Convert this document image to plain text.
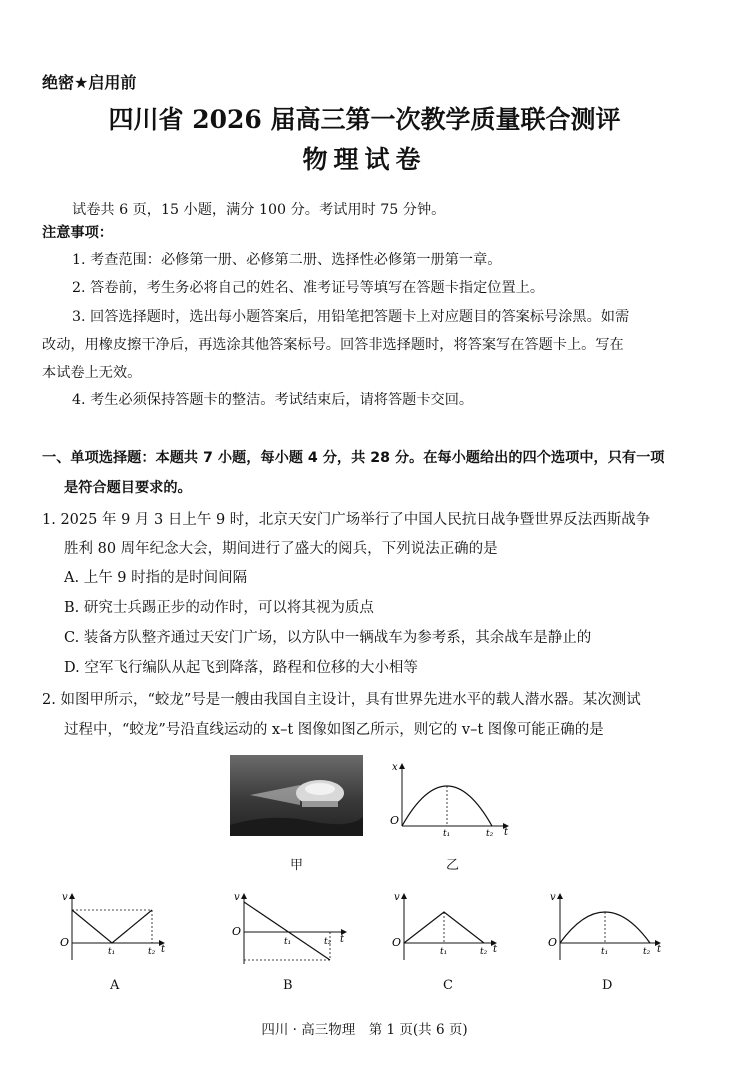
绝密★启用前
四川省 2026 届高三第一次教学质量联合测评
物理试卷
试卷共 6 页，15 小题，满分 100 分。考试用时 75 分钟。
注意事项：
1. 考查范围：必修第一册、必修第二册、选择性必修第一册第一章。
2. 答卷前，考生务必将自己的姓名、准考证号等填写在答题卡指定位置上。
3. 回答选择题时，选出每小题答案后，用铅笔把答题卡上对应题目的答案标号涂黑。如需
改动，用橡皮擦干净后，再选涂其他答案标号。回答非选择题时，将答案写在答题卡上。写在
本试卷上无效。
4. 考生必须保持答题卡的整洁。考试结束后，请将答题卡交回。
一、单项选择题：本题共 7 小题，每小题 4 分，共 28 分。在每小题给出的四个选项中，只有一项
是符合题目要求的。
1. 2025 年 9 月 3 日上午 9 时，北京天安门广场举行了中国人民抗日战争暨世界反法西斯战争
胜利 80 周年纪念大会，期间进行了盛大的阅兵，下列说法正确的是
A. 上午 9 时指的是时间间隔
B. 研究士兵踢正步的动作时，可以将其视为质点
C. 装备方队整齐通过天安门广场，以方队中一辆战车为参考系，其余战车是静止的
D. 空军飞行编队从起飞到降落，路程和位移的大小相等
2. 如图甲所示，“蛟龙”号是一艘由我国自主设计，具有世界先进水平的载人潜水器。某次测试
过程中，“蛟龙”号沿直线运动的 x–t 图像如图乙所示，则它的 v–t 图像可能正确的是
甲
x
O
t₁	t₂ t
乙
v
O
t₁	t₂ t
A
v
O
t₁	t₂ t
B
v
O
t₁	t₂ t
C
v
O
t₁	t₂ t
D
四川 · 高三物理　第 1 页(共 6 页)
